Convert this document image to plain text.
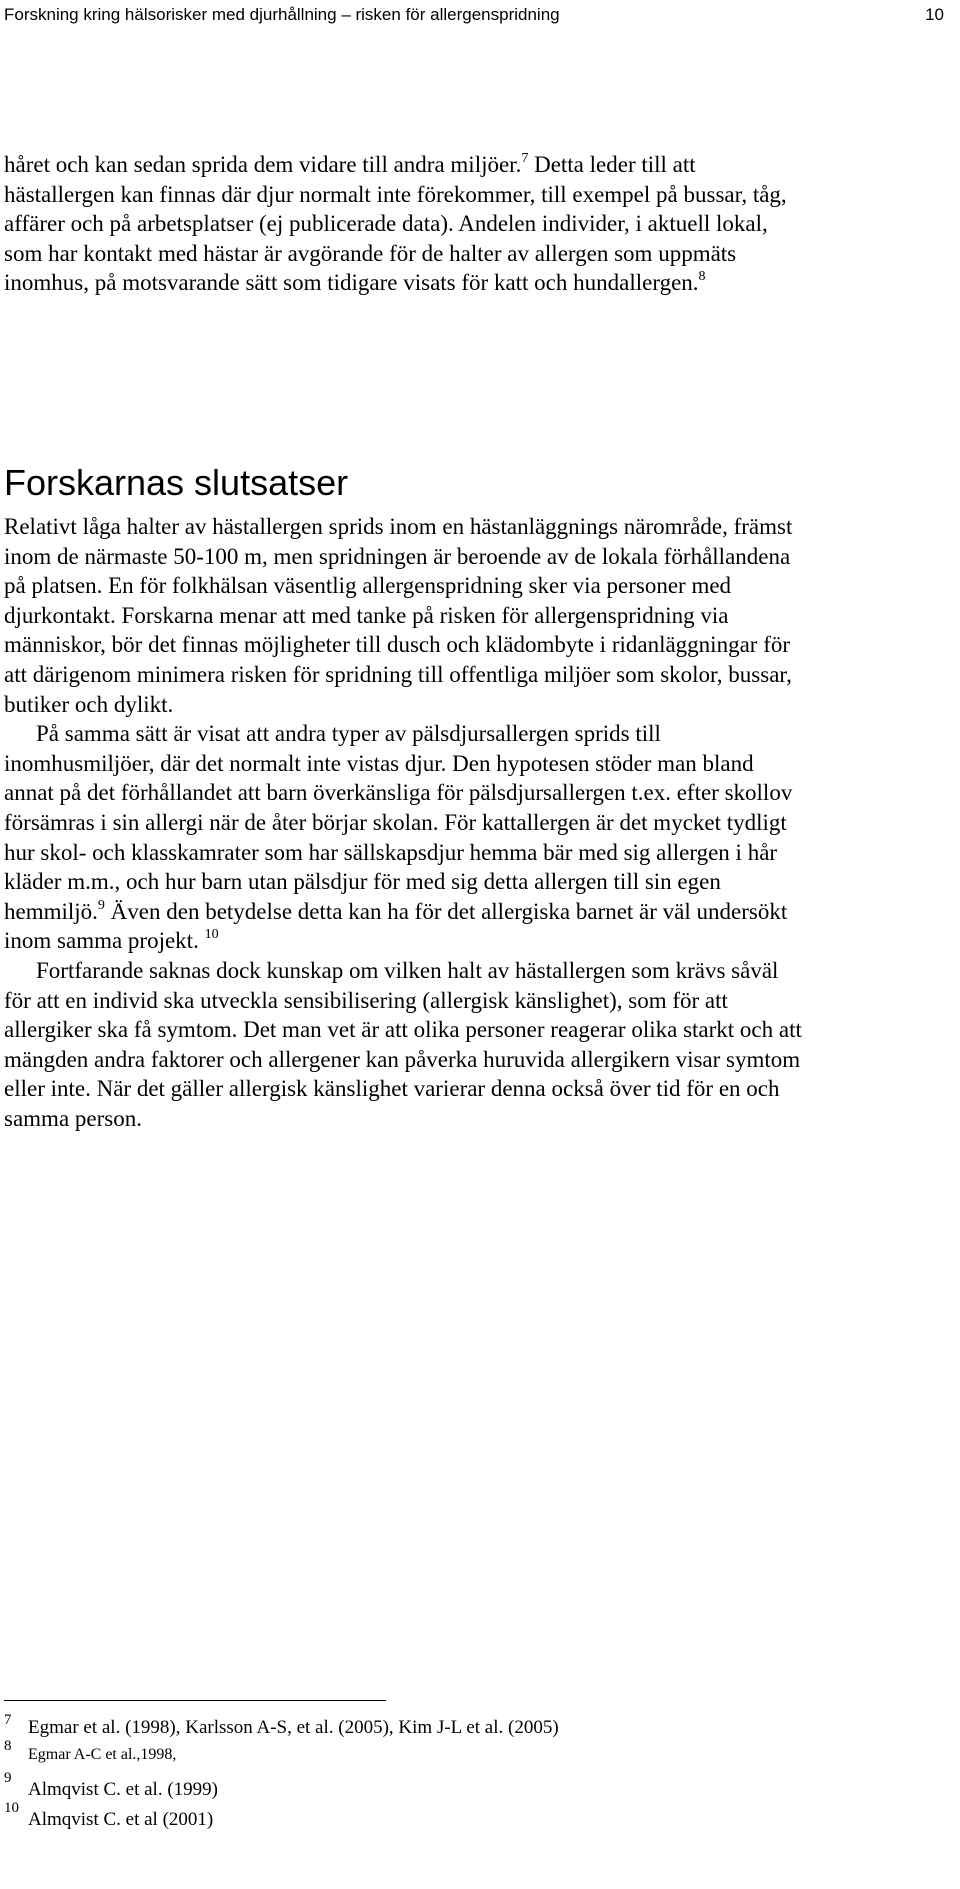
Forskning kring hälsorisker med djurhållning – risken för allergenspridning	10

håret och kan sedan sprida dem vidare till andra miljöer.$^7$ Detta leder till att hästallergen kan finnas där djur normalt inte förekommer, till exempel på bussar, tåg, affärer och på arbetsplatser (ej publicerade data). Andelen individer, i aktuell lokal, som har kontakt med hästar är avgörande för de halter av allergen som uppmäts inomhus, på motsvarande sätt som tidigare visats för katt och hundallergen.$^8$

Forskarnas slutsatser

Relativt låga halter av hästallergen sprids inom en hästanläggnings närområde, främst inom de närmaste 50-100 m, men spridningen är beroende av de lokala förhållandena på platsen. En för folkhälsan väsentlig allergenspridning sker via personer med djurkontakt. Forskarna menar att med tanke på risken för allergenspridning via människor, bör det finnas möjligheter till dusch och klädombyte i ridanläggningar för att därigenom minimera risken för spridning till offentliga miljöer som skolor, bussar, butiker och dylikt.

På samma sätt är visat att andra typer av pälsdjursallergen sprids till inomhusmiljöer, där det normalt inte vistas djur. Den hypotesen stöder man bland annat på det förhållandet att barn överkänsliga för pälsdjursallergen t.ex. efter skollov försämras i sin allergi när de åter börjar skolan. För kattallergen är det mycket tydligt hur skol- och klasskamrater som har sällskapsdjur hemma bär med sig allergen i hår kläder m.m., och hur barn utan pälsdjur för med sig detta allergen till sin egen hemmiljö.$^9$ Även den betydelse detta kan ha för det allergiska barnet är väl undersökt inom samma projekt. $^{10}$

Fortfarande saknas dock kunskap om vilken halt av hästallergen som krävs såväl för att en individ ska utveckla sensibilisering (allergisk känslighet), som för att allergiker ska få symtom. Det man vet är att olika personer reagerar olika starkt och att mängden andra faktorer och allergener kan påverka huruvida allergikern visar symtom eller inte. När det gäller allergisk känslighet varierar denna också över tid för en och samma person.

7 Egmar et al. (1998), Karlsson A-S, et al. (2005), Kim J-L et al. (2005)
8 Egmar A-C et al.,1998,
9
Almqvist C. et al. (1999)
10
Almqvist C. et al (2001)
